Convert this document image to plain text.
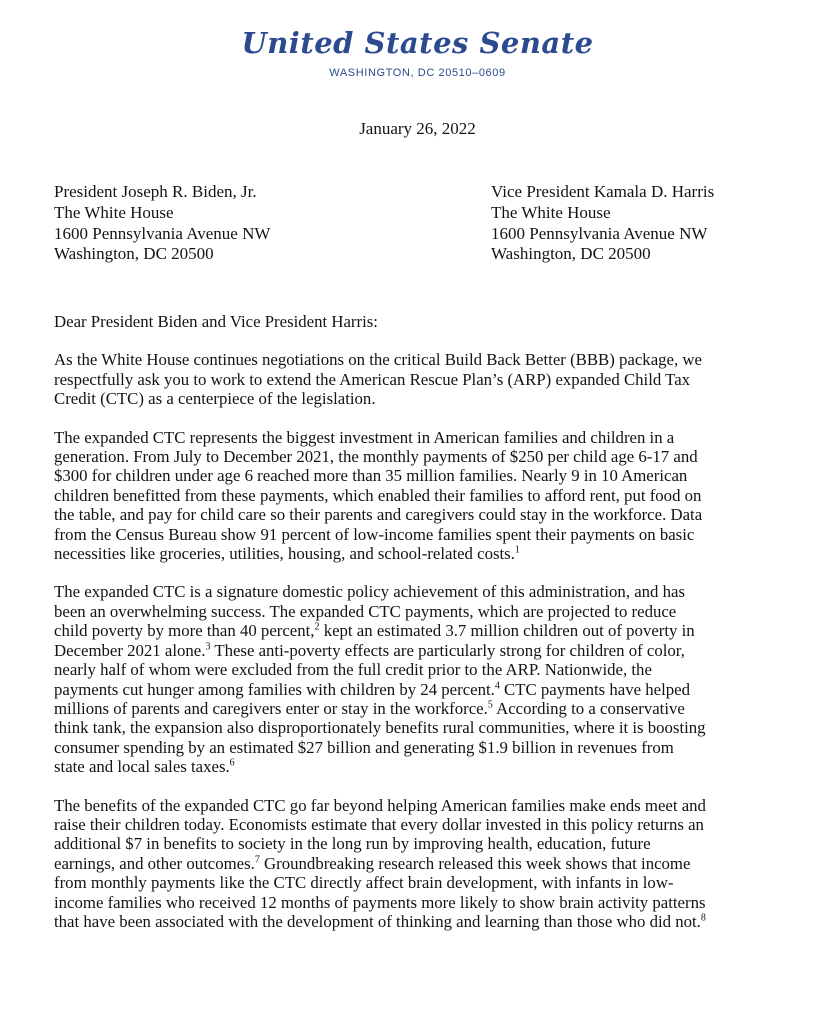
United States Senate
WASHINGTON, DC 20510–0609
January 26, 2022
President Joseph R. Biden, Jr.
The White House
1600 Pennsylvania Avenue NW
Washington, DC 20500
Vice President Kamala D. Harris
The White House
1600 Pennsylvania Avenue NW
Washington, DC 20500
Dear President Biden and Vice President Harris:
As the White House continues negotiations on the critical Build Back Better (BBB) package, we
respectfully ask you to work to extend the American Rescue Plan’s (ARP) expanded Child Tax
Credit (CTC) as a centerpiece of the legislation.
The expanded CTC represents the biggest investment in American families and children in a
generation. From July to December 2021, the monthly payments of $250 per child age 6-17 and
$300 for children under age 6 reached more than 35 million families. Nearly 9 in 10 American
children benefitted from these payments, which enabled their families to afford rent, put food on
the table, and pay for child care so their parents and caregivers could stay in the workforce. Data
from the Census Bureau show 91 percent of low-income families spent their payments on basic
necessities like groceries, utilities, housing, and school-related costs.$^1$
The expanded CTC is a signature domestic policy achievement of this administration, and has
been an overwhelming success. The expanded CTC payments, which are projected to reduce
child poverty by more than 40 percent,$^2$ kept an estimated 3.7 million children out of poverty in
December 2021 alone.$^3$ These anti-poverty effects are particularly strong for children of color,
nearly half of whom were excluded from the full credit prior to the ARP. Nationwide, the
payments cut hunger among families with children by 24 percent.$^4$ CTC payments have helped
millions of parents and caregivers enter or stay in the workforce.$^5$ According to a conservative
think tank, the expansion also disproportionately benefits rural communities, where it is boosting
consumer spending by an estimated $27 billion and generating $1.9 billion in revenues from
state and local sales taxes.$^6$
The benefits of the expanded CTC go far beyond helping American families make ends meet and
raise their children today. Economists estimate that every dollar invested in this policy returns an
additional $7 in benefits to society in the long run by improving health, education, future
earnings, and other outcomes.$^7$ Groundbreaking research released this week shows that income
from monthly payments like the CTC directly affect brain development, with infants in low-
income families who received 12 months of payments more likely to show brain activity patterns
that have been associated with the development of thinking and learning than those who did not.$^8$
